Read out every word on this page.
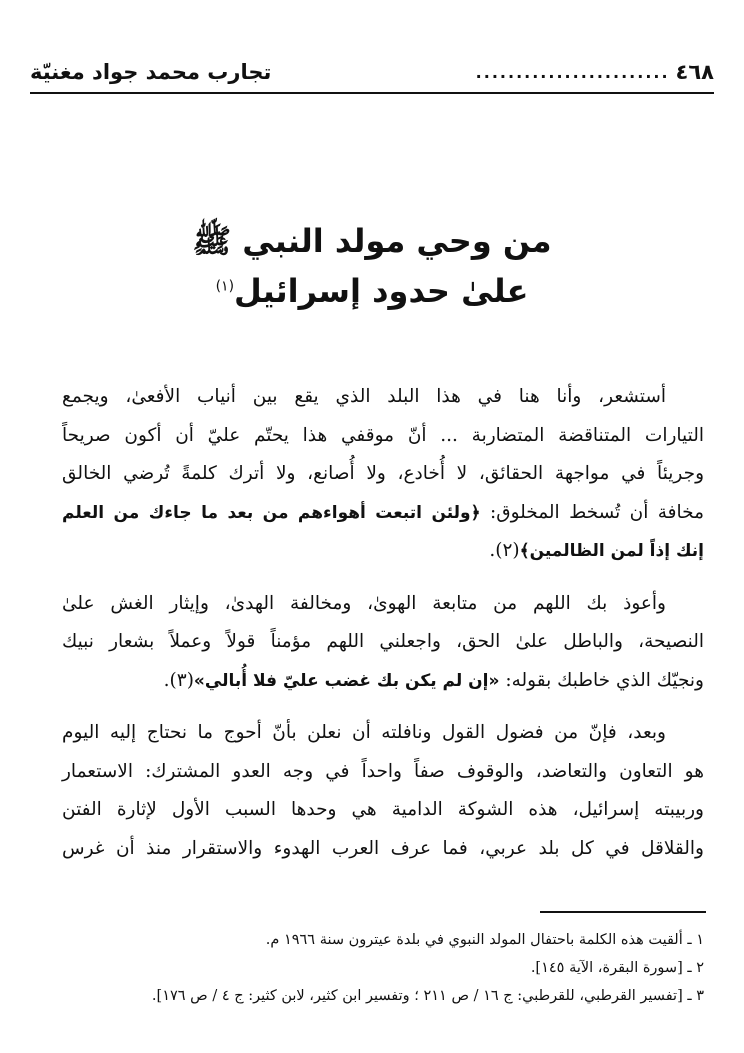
٤٦٨
........................
تجارب محمد جواد مغنيّة
من وحي مولد النبي ﷺ
علىٰ حدود إسرائيل$^{(١)}$
أستشعر، وأنا هنا في هذا البلد الذي يقع بين أنياب الأفعىٰ، ويجمع
التيارات المتناقضة المتضاربة ... أنّ موقفي هذا يحتّم عليّ أن أكون صريحاً
وجريئاً في مواجهة الحقائق، لا أُخادع، ولا أُصانع، ولا أترك كلمةً تُرضي الخالق
مخافة أن تُسخط المخلوق: ﴿ولئن اتبعت أهواءهم من بعد ما جاءك من العلم
إنك إذاً لمن الظالمين﴾(٢).
وأعوذ بك اللهم من متابعة الهوىٰ، ومخالفة الهدىٰ، وإيثار الغش علىٰ
النصيحة، والباطل علىٰ الحق، واجعلني اللهم مؤمناً قولاً وعملاً بشعار نبيك
ونجيّك الذي خاطبك بقوله: «إن لم يكن بك غضب عليّ فلا أُبالي»(٣).
وبعد، فإنّ من فضول القول ونافلته أن نعلن بأنّ أحوج ما نحتاج إليه اليوم
هو التعاون والتعاضد، والوقوف صفاً واحداً في وجه العدو المشترك: الاستعمار
وربيبته إسرائيل، هذه الشوكة الدامية هي وحدها السبب الأول لإثارة الفتن
والقلاقل في كل بلد عربي، فما عرف العرب الهدوء والاستقرار منذ أن غرس
١ ـ ألقيت هذه الكلمة باحتفال المولد النبوي في بلدة عيترون سنة ١٩٦٦ م.
٢ ـ [سورة البقرة، الآية ١٤٥].
٣ ـ [تفسير القرطبي، للقرطبي: ج ١٦ / ص ٢١١ ؛ وتفسير ابن كثير، لابن كثير: ج ٤ / ص ١٧٦].
